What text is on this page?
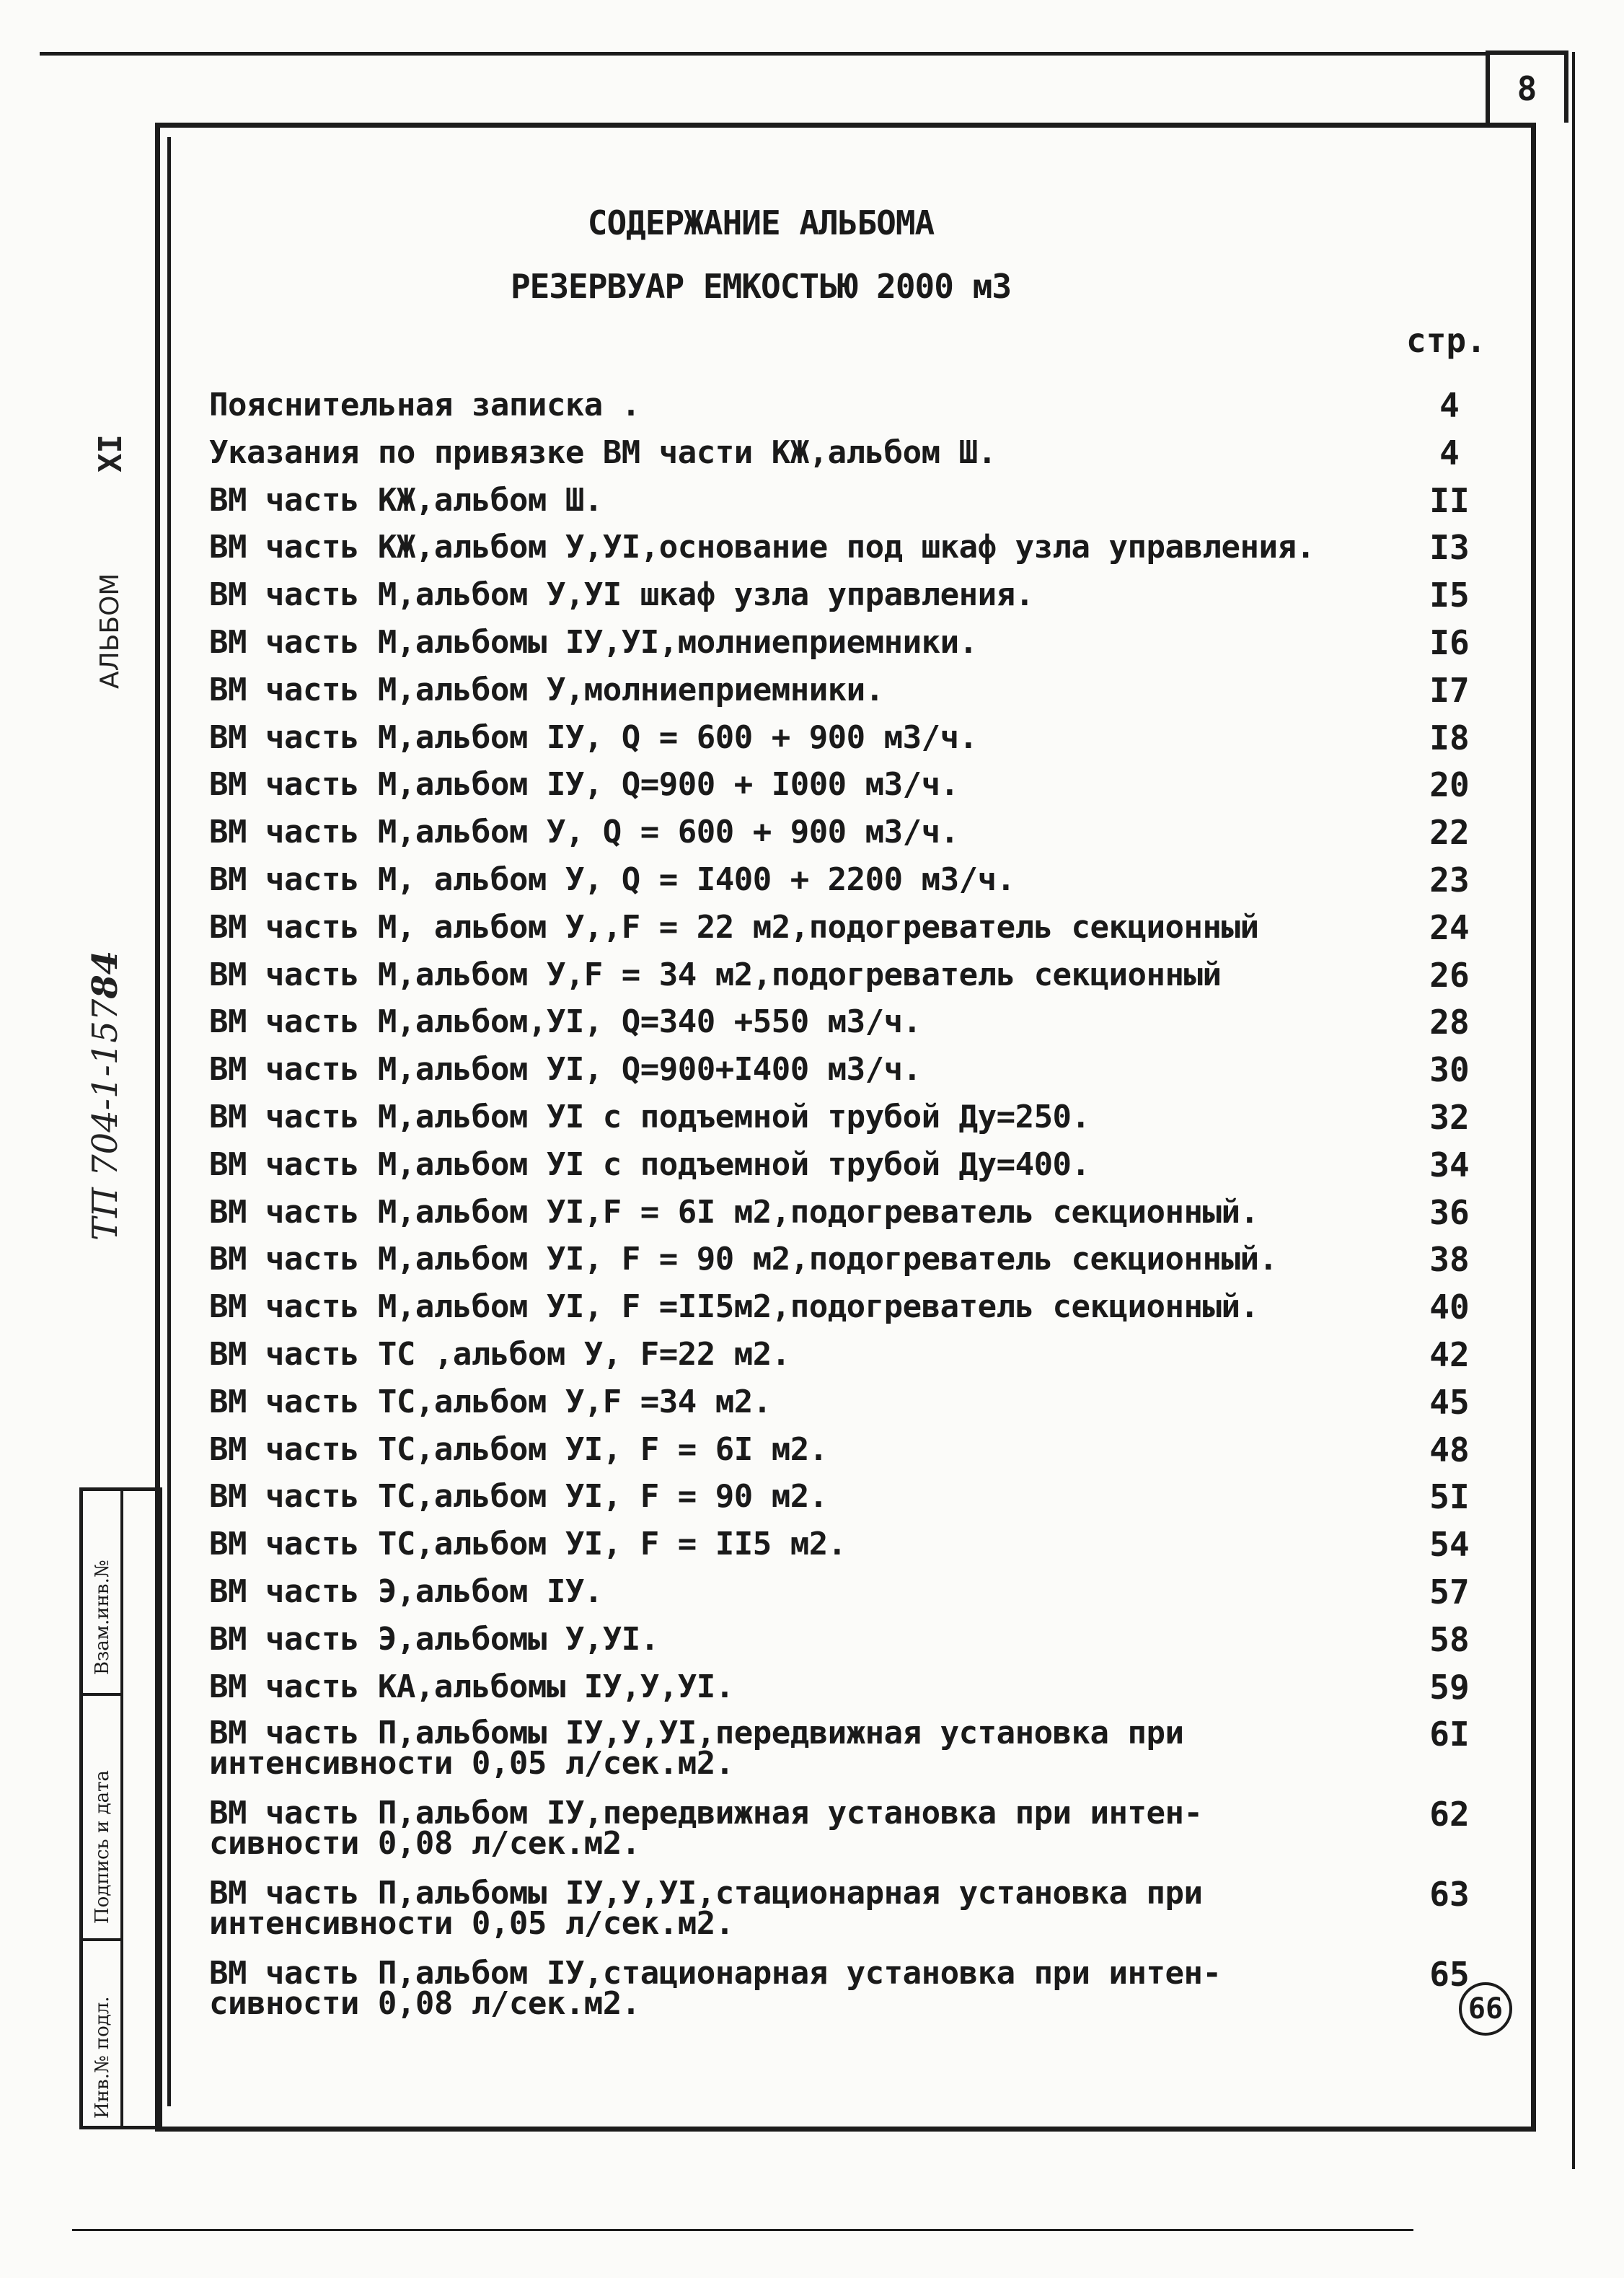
8
XI
АЛЬБОМ
ТП 704-1-15784
Взам.инв.№
Подпись и дата
Инв.№ подл.
СОДЕРЖАНИЕ АЛЬБОМА
РЕЗЕРВУАР ЕМКОСТЬЮ 2000 м3
стр.
Пояснительная записка .	4
Указания по привязке ВМ части КЖ,альбом Ш.	4
ВМ часть КЖ,альбом Ш.	II
ВМ часть КЖ,альбом У,УI,основание под шкаф узла управления.	I3
ВМ часть М,альбом У,УI шкаф узла управления.	I5
ВМ часть М,альбомы IУ,УI,молниеприемники.	I6
ВМ часть М,альбом У,молниеприемники.	I7
ВМ часть М,альбом IУ, Q = 600 + 900 м3/ч.	I8
ВМ часть М,альбом IУ, Q=900 + I000 м3/ч.	20
ВМ часть М,альбом У, Q = 600 + 900 м3/ч.	22
ВМ часть М, альбом У, Q = I400 + 2200 м3/ч.	23
ВМ часть М, альбом У,,F = 22 м2,подогреватель секционный	24
ВМ часть М,альбом У,F = 34 м2,подогреватель секционный	26
ВМ часть М,альбом,УI, Q=340 +550 м3/ч.	28
ВМ часть М,альбом УI, Q=900+I400 м3/ч.	30
ВМ часть М,альбом УI с подъемной трубой Ду=250.	32
ВМ часть М,альбом УI с подъемной трубой Ду=400.	34
ВМ часть М,альбом УI,F = 6I м2,подогреватель секционный.	36
ВМ часть М,альбом УI, F = 90 м2,подогреватель секционный.	38
ВМ часть М,альбом УI, F =II5м2,подогреватель секционный.	40
ВМ часть ТС ,альбом У, F=22 м2.	42
ВМ часть ТС,альбом У,F =34 м2.	45
ВМ часть ТС,альбом УI, F = 6I м2.	48
ВМ часть ТС,альбом УI, F = 90 м2.	5I
ВМ часть ТС,альбом УI, F = II5 м2.	54
ВМ часть Э,альбом IУ.	57
ВМ часть Э,альбомы У,УI.	58
ВМ часть КА,альбомы IУ,У,УI.	59
ВМ часть П,альбомы IУ,У,УI,передвижная установка при
интенсивности 0,05 л/сек.м2.
6I
ВМ часть П,альбом IУ,передвижная установка при интен-
сивности 0,08 л/сек.м2.
62
ВМ часть П,альбомы IУ,У,УI,стационарная установка при
интенсивности 0,05 л/сек.м2.
63
ВМ часть П,альбом IУ,стационарная установка при интен-
сивности 0,08 л/сек.м2.
65
66
